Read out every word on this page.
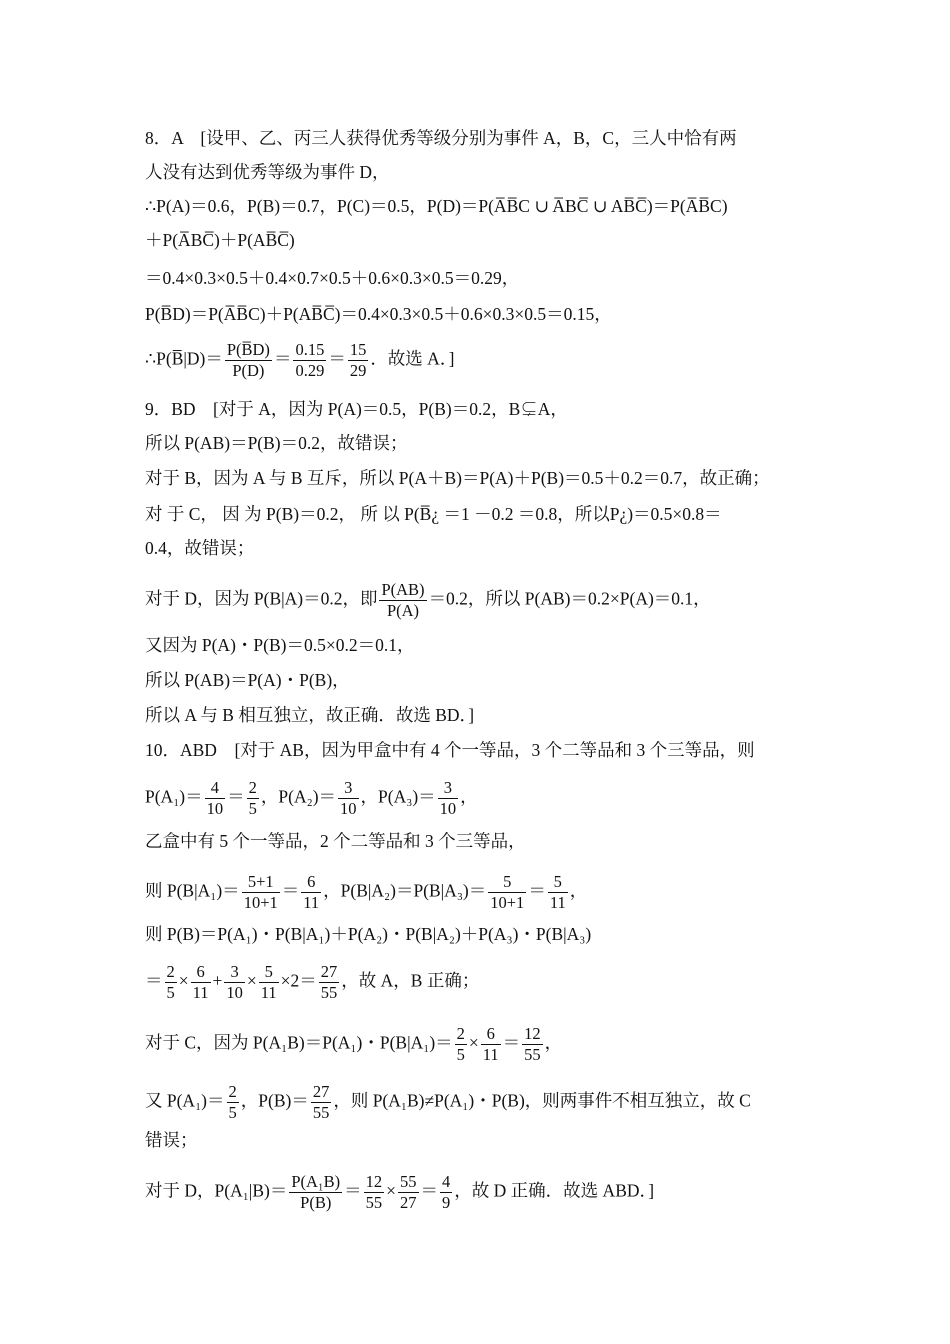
8．A　[设甲、乙、丙三人获得优秀等级分别为事件 A，B，C，三人中恰有两
人没有达到优秀等级为事件 D，
∴P(A)＝0.6，P(B)＝0.7，P(C)＝0.5，P(D)＝P(A̅B̅C ∪ A̅BC̅ ∪ AB̅C̅)＝P(A̅B̅C)
＋P(A̅BC̅)＋P(AB̅C̅)
＝0.4×0.3×0.5＋0.4×0.7×0.5＋0.6×0.3×0.5＝0.29，
P(B̅D)＝P(A̅B̅C)＋P(AB̅C̅)＝0.4×0.3×0.5＋0.6×0.3×0.5＝0.15，
∴P(B̅|D)＝ $\frac{P(B̅D)}{P(D)} = \frac{0.15}{0.29} = \frac{15}{29}$ ．故选 A．]
9．BD　[对于 A，因为 P(A)＝0.5，P(B)＝0.2，B⊊A，
所以 P(AB)＝P(B)＝0.2，故错误；
对于 B，因为 A 与 B 互斥，所以 P(A＋B)＝P(A)＋P(B)＝0.5＋0.2＝0.7，故正确；
对 于 C， 因 为 P(B)＝0.2， 所 以 P(B̅¿ ＝1 －0.2 ＝0.8，所以P¿)＝0.5×0.8＝
0.4，故错误；
对于 D，因为 P(B|A)＝0.2，即 $\frac{P(AB)}{P(A)} =0.2$，所以 P(AB)＝0.2×P(A)＝0.1，
又因为 P(A)・P(B)＝0.5×0.2＝0.1，
所以 P(AB)＝P(A)・P(B)，
所以 A 与 B 相互独立，故正确．故选 BD．]
10．ABD　[对于 AB，因为甲盒中有 4 个一等品，3 个二等品和 3 个三等品，则
$P(A_1)= \frac{4}{10} = \frac{2}{5}$ ，$P(A_2)= \frac{3}{10}$ ，$P(A_3)= \frac{3}{10}$ ，
乙盒中有 5 个一等品，2 个二等品和 3 个三等品，
则 $P(B|A_1)= \frac{5+1}{10+1} = \frac{6}{11}$ ，$P(B|A_2)=P(B|A_3)= \frac{5}{10+1} = \frac{5}{11}$ ，
则 P(B)＝P(A₁)・P(B|A₁)＋P(A₂)・P(B|A₂)＋P(A₃)・P(B|A₃)
＝ $\frac{2}{5} \times \frac{6}{11} + \frac{3}{10} \times \frac{5}{11} \times 2= \frac{27}{55}$ ，故 A，B 正确；
对于 C，因为 P(A₁B)＝P(A₁)・$P(B|A_1)= \frac{2}{5} \times \frac{6}{11} = \frac{12}{55}$ ，
又 $P(A_1)= \frac{2}{5}$ ，$P(B)= \frac{27}{55}$ ，则 P(A₁B)≠P(A₁)・P(B)，则两事件不相互独立，故 C
错误；
对于 D，$P(A_1|B)= \frac{\text{P(A₁B)}}{P(B)} = \frac{12}{55} \times \frac{55}{27} = \frac{4}{9}$ ，故 D 正确．故选 ABD．]
